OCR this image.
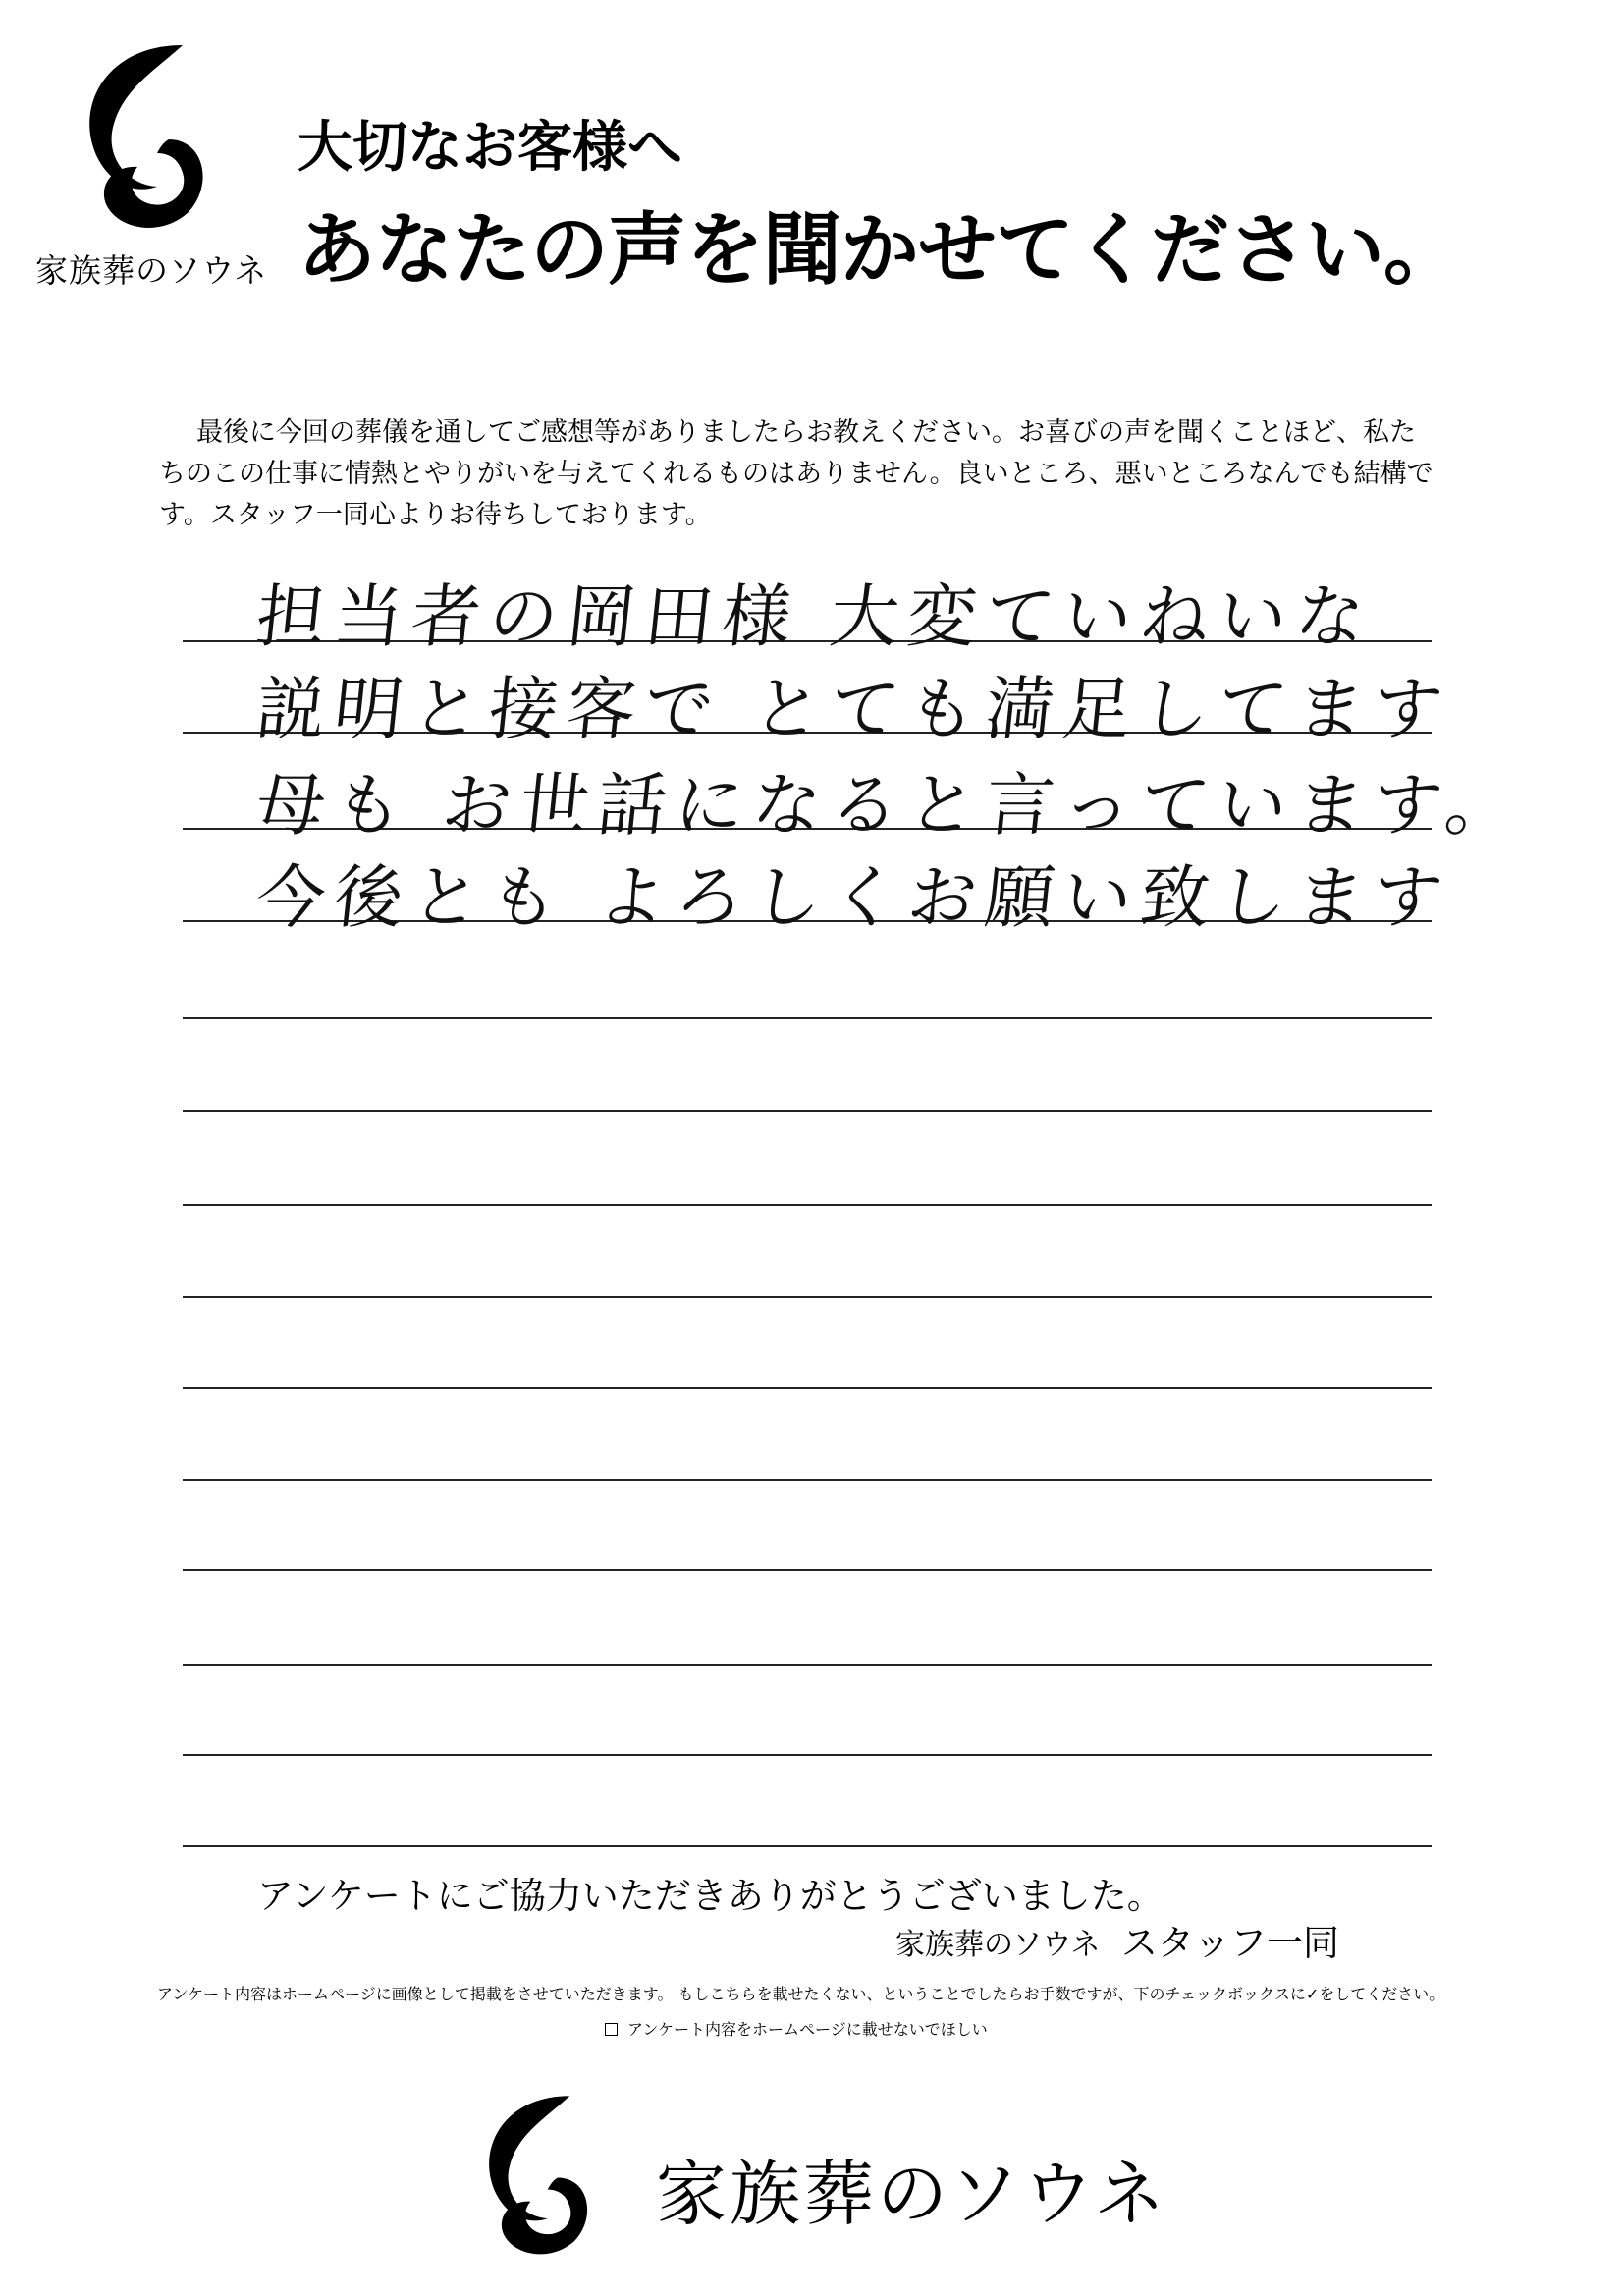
家族葬のソウネ
大切なお客様へ
あなたの声を聞かせてください。
最後に今回の葬儀を通してご感想等がありましたらお教えください。お喜びの声を聞くことほど、私たちのこの仕事に情熱とやりがいを与えてくれるものはありません。良いところ、悪いところなんでも結構です。スタッフ一同心よりお待ちしております。
担当者の岡田様 大変ていねいな
説明と接客で とても満足してます
母も お世話になると言っています。
今後とも よろしくお願い致します
アンケートにご協力いただきありがとうございました。
家族葬のソウネ スタッフ一同
アンケート内容はホームページに画像として掲載をさせていただきます。 もしこちらを載せたくない、ということでしたらお手数ですが、下のチェックボックスに✓をしてください。
アンケート内容をホームページに載せないでほしい
家族葬のソウネ
